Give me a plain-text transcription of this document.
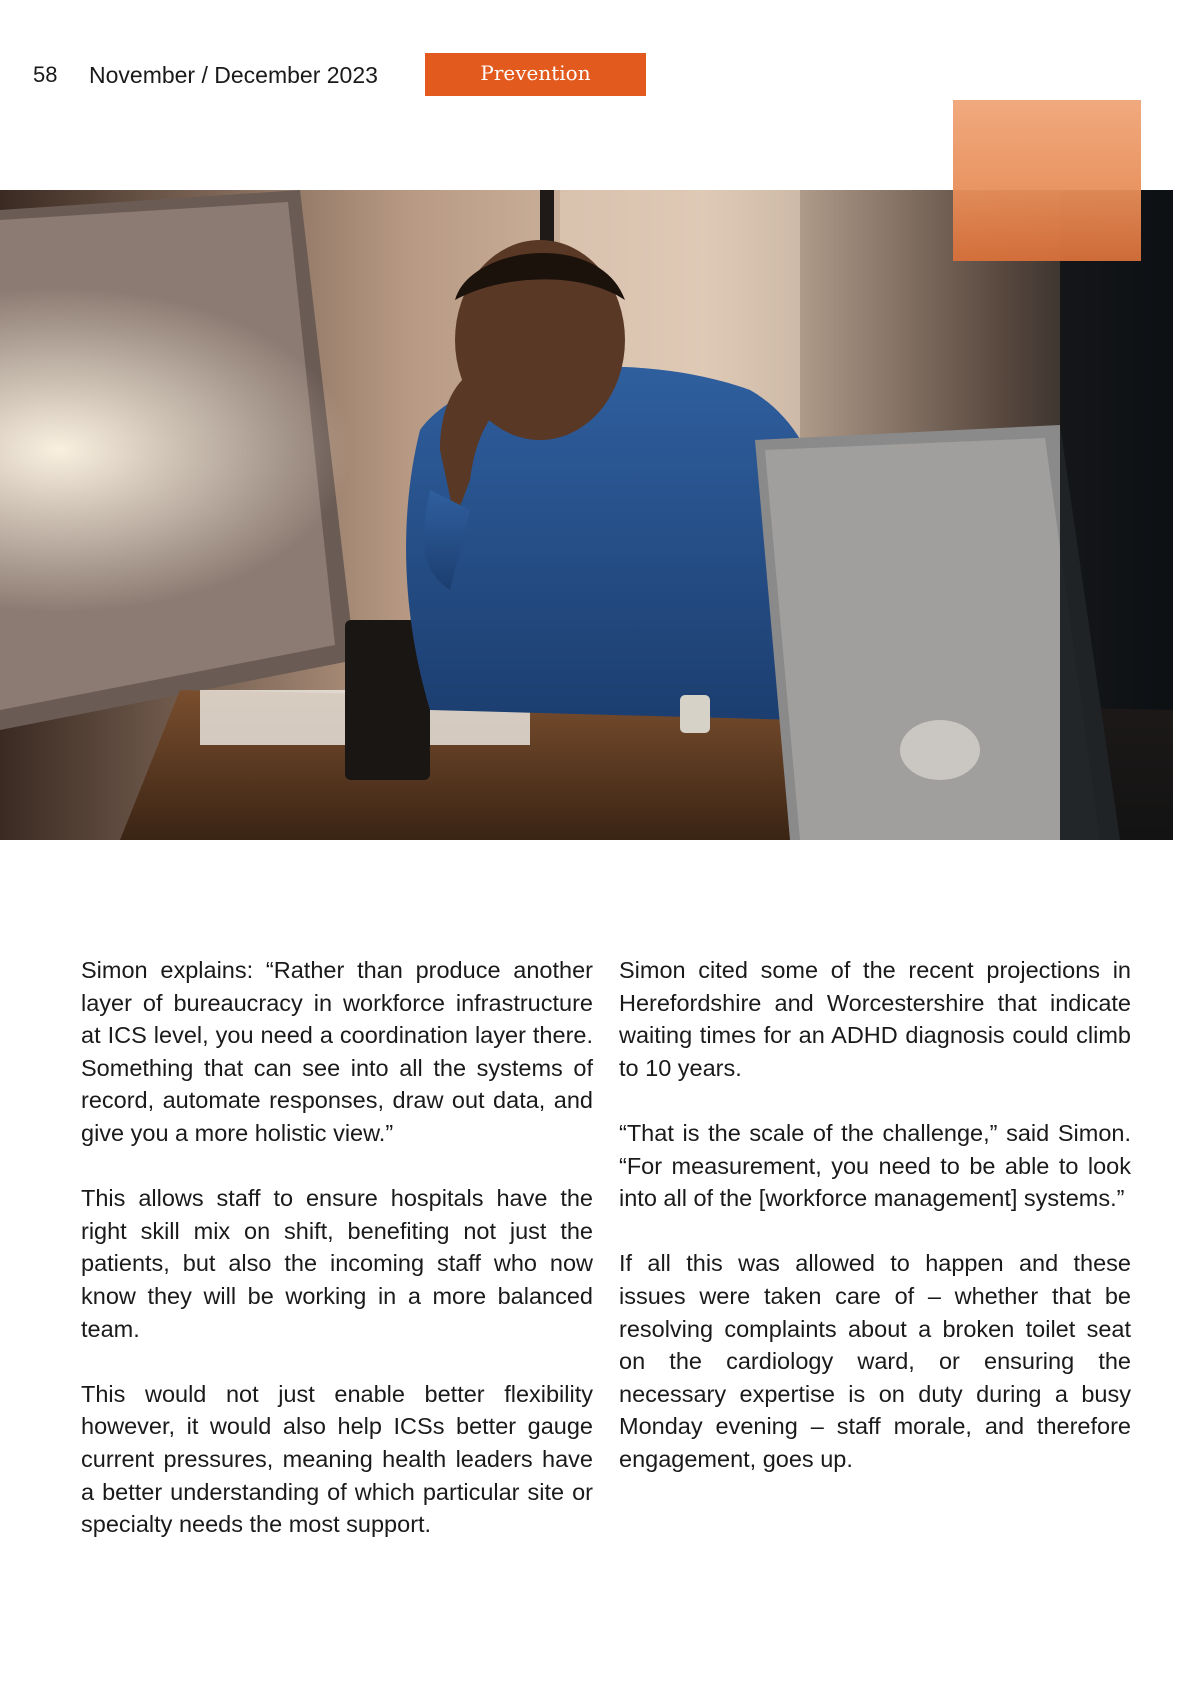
58 November / December 2023	Prevention

Simon explains: “Rather than produce another layer of bureaucracy in workforce infrastructure at ICS level, you need a coordination layer there. Something that can see into all the systems of record, automate responses, draw out data, and give you a more holistic view.”

This allows staff to ensure hospitals have the right skill mix on shift, benefiting not just the patients, but also the incoming staff who now know they will be working in a more balanced team.

This would not just enable better flexibility however, it would also help ICSs better gauge current pressures, meaning health leaders have a better understanding of which particular site or specialty needs the most support.

Simon cited some of the recent projections in Herefordshire and Worcestershire that indicate waiting times for an ADHD diagnosis could climb to 10 years.

“That is the scale of the challenge,” said Simon. “For measurement, you need to be able to look into all of the [workforce management] systems.”

If all this was allowed to happen and these issues were taken care of – whether that be resolving complaints about a broken toilet seat on the cardiology ward, or ensuring the necessary expertise is on duty during a busy Monday evening – staff morale, and therefore engagement, goes up.
